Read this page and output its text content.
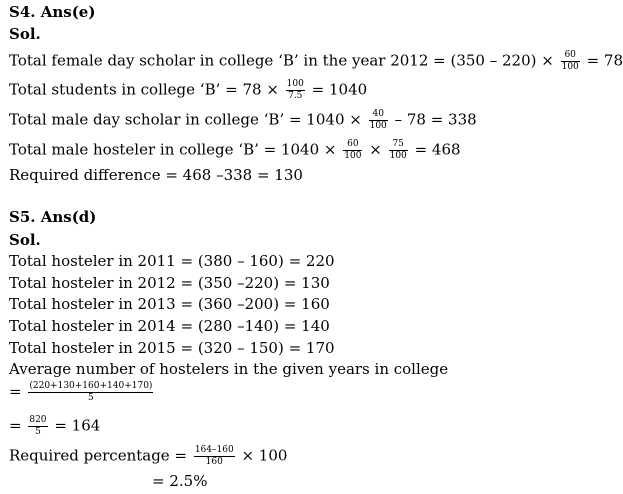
S4. Ans(e)
Sol.
Total female day scholar in college ‘B’ in the year $2012 = (350 - 220) \times \frac{60}{100} = 78$
Total students in college ‘B’ = $78 \times \frac{100}{7.5} = 1040$
Total male day scholar in college ‘B’ = $1040 \times \frac{40}{100} - 78 = 338$
Total male hosteler in college ‘B’ = $1040 \times \frac{60}{100} \times \frac{75}{100} = 468$
Required difference = 468 –338 = 130
S5. Ans(d)
Sol.
Total hosteler in 2011 = (380 – 160) = 220
Total hosteler in 2012 = (350 –220) = 130
Total hosteler in 2013 = (360 –200) = 160
Total hosteler in 2014 = (280 –140) = 140
Total hosteler in 2015 = (320 – 150) = 170
Average number of hostelers in the given years in college
= $\frac{(220+130+160+140+170)}{5}$
= $\frac{820}{5} = 164$
Required percentage = $\frac{164-160}{160} \times 100$
= 2.5%
